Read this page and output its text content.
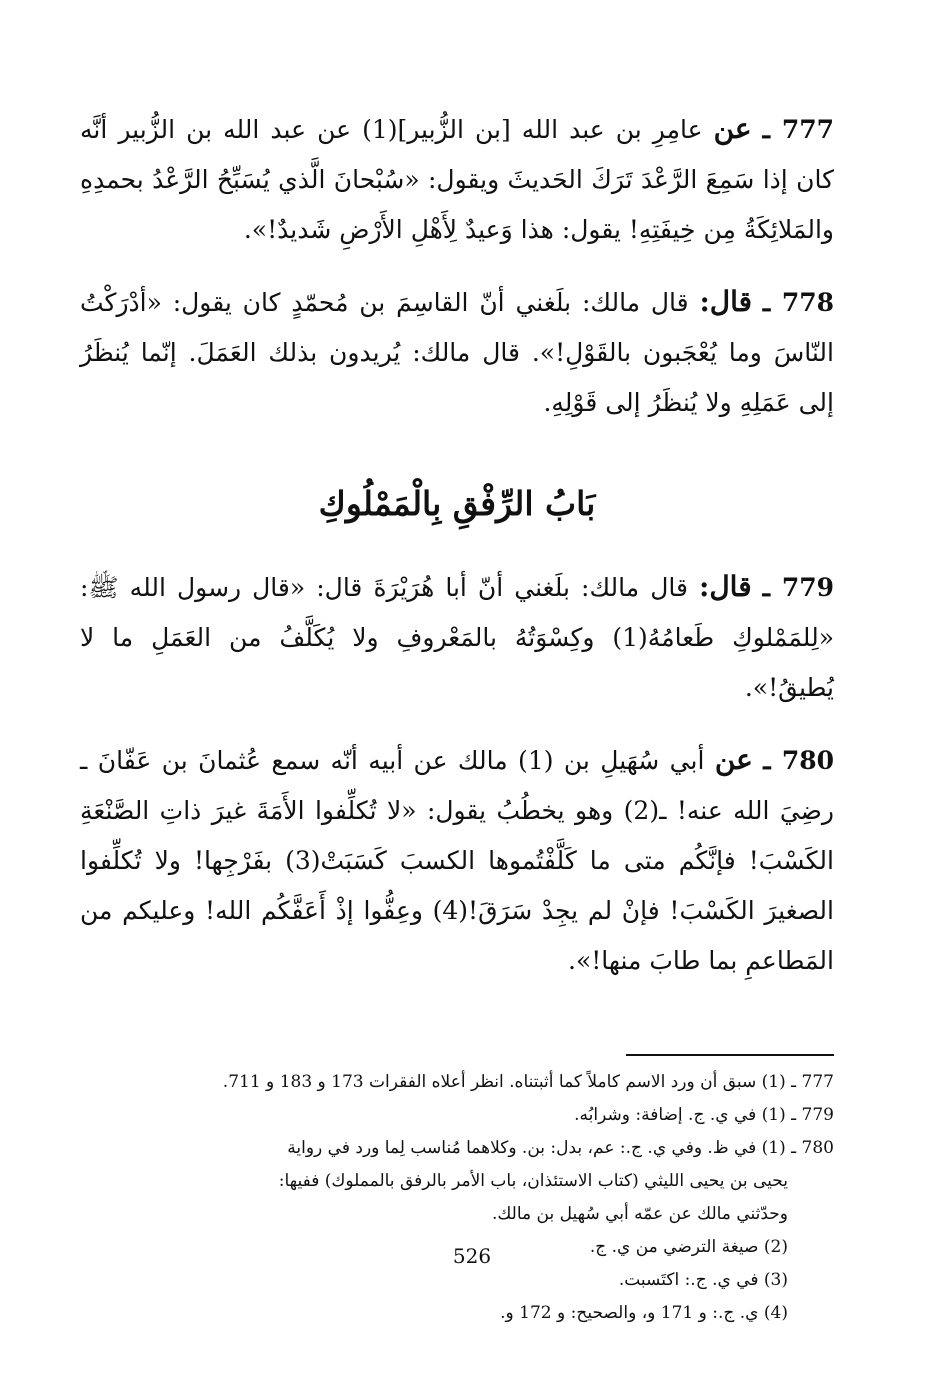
777 ـ عن عامِرِ بن عبد الله [بن الزُّبير](1) عن عبد الله بن الزُّبير أنَّه كان إذا سَمِعَ الرَّعْدَ تَرَكَ الحَديثَ ويقول: «سُبْحانَ الَّذي يُسَبِّحُ الرَّعْدُ بحمدِهِ والمَلائِكَةُ مِن خِيفَتِهِ! يقول: هذا وَعيدٌ لِأَهْلِ الأَرْضِ شَديدٌ!».

778 ـ قال: قال مالك: بلَغني أنّ القاسِمَ بن مُحمّدٍ كان يقول: «أدْرَكْتُ النّاسَ وما يُعْجَبون بالقَوْلِ!». قال مالك: يُريدون بذلك العَمَلَ. إنّما يُنظَرُ إلى عَمَلِهِ ولا يُنظَرُ إلى قَوْلِهِ.

بَابُ الرِّفْقِ بِالْمَمْلُوكِ

779 ـ قال: قال مالك: بلَغني أنّ أبا هُرَيْرَةَ قال: «قال رسول الله ﷺ: «لِلمَمْلوكِ طَعامُهُ(1) وكِسْوَتُهُ بالمَعْروفِ ولا يُكَلَّفُ من العَمَلِ ما لا يُطيقُ!».

780 ـ عن أبي سُهَيلِ بن (1) مالك عن أبيه أنّه سمع عُثمانَ بن عَفّانَ ـ رضِيَ الله عنه! ـ(2) وهو يخطُبُ يقول: «لا تُكلِّفوا الأَمَةَ غيرَ ذاتِ الصَّنْعَةِ الكَسْبَ! فإنَّكُم متى ما كَلَّفْتُموها الكسبَ كَسَبَتْ(3) بفَرْجِها! ولا تُكلِّفوا الصغيرَ الكَسْبَ! فإنْ لم يجِدْ سَرَقَ!(4) وعِفُّوا إذْ أَعَفَّكُم الله! وعليكم من المَطاعمِ بما طابَ منها!».

777 ـ (1) سبق أن ورد الاسم كاملاً كما أثبتناه. انظر أعلاه الفقرات 173 و 183 و 711.

779 ـ (1) في ي. ج. إضافة: وشرابُه.

780 ـ (1) في ظ. وفي ي. ج.: عم، بدل: بن. وكلاهما مُناسب لِما ورد في رواية

يحيى بن يحيى الليثي (كتاب الاستئذان، باب الأمر بالرفق بالمملوك) ففيها:

وحدّثني مالك عن عمّه أبي سُهيل بن مالك.

(2) صيغة الترضي من ي. ج.

(3) في ي. ج.: اكتَسبت.

(4) ي. ج.: و 171 و، والصحيح: و 172 و.

526
